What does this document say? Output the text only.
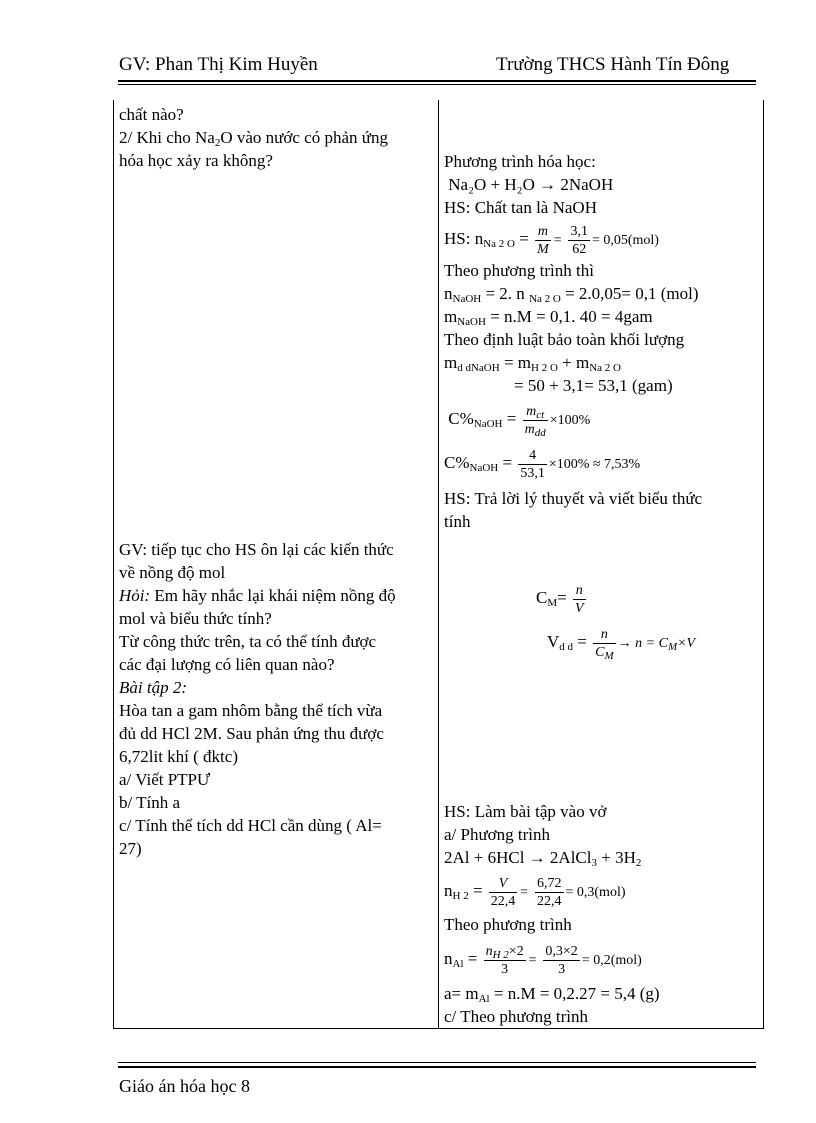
GV: Phan Thị Kim Huyền	Trường THCS Hành Tín Đông
chất nào?
2/ Khi cho $Na_2O$ vào nước có phản ứng
hóa học xảy ra không?
GV: tiếp tục cho HS ôn lại các kiến thức
về nồng độ mol
Hỏi: Em hãy nhắc lại khái niệm nồng độ
mol và biểu thức tính?
Từ công thức trên, ta có thể tính được
các đại lượng có liên quan nào?
Bài tập 2:
Hòa tan a gam nhôm bằng thể tích vừa
đủ dd HCl 2M. Sau phản ứng thu được
6,72lit khí ( đktc)
a/ Viết PTPƯ
b/ Tính a
c/ Tính thể tích dd HCl cần dùng ( Al=
27)
Phương trình hóa học:
Na₂O + H₂O → 2NaOH
HS: Chất tan là NaOH
HS: $n_{Na 2 O} = \frac{m}{M} = \frac{3,1}{62} = 0,05(mol)$
Theo phương trình thì
$n_{NaOH} = 2$. n $_{Na 2 O}$ = 2.0,05= 0,1 (mol)
$m_{NaOH} = n.M = 0,1$. 40 = 4gam
Theo định luật bảo toàn khối lượng
$m_{d dNaOH} = m_{H 2 O} + m_{Na 2 O}$
= 50 + 3,1= 53,1 (gam)
$C\%_{NaOH} = \frac{m_{ct}}{m_{dd}} \times 100\%$
$C\%_{NaOH} = \frac{4}{53,1} \times 100\% \approx 7,53\%$
HS: Trả lời lý thuyết và viết biểu thức
tính
$C_M= \frac{n}{V}$
$V_{d d} = \frac{n}{C_M} \to n = C_M\times V$
HS: Làm bài tập vào vở
a/ Phương trình
2Al + 6HCl → 2AlCl$_3$ + $3H_2$
$n_{H 2} = \frac{V}{22,4} = \frac{6,72}{22,4} = 0,3(mol)$
Theo phương trình
$n_{Al} = \frac{n_{H 2}\times 2}{3} = \frac{0,3\times 2}{3} = 0,2(mol)$
$a= m_{Al} = n.M = 0,2.27 = 5,4$ (g)
c/ Theo phương trình
Giáo án hóa học 8
